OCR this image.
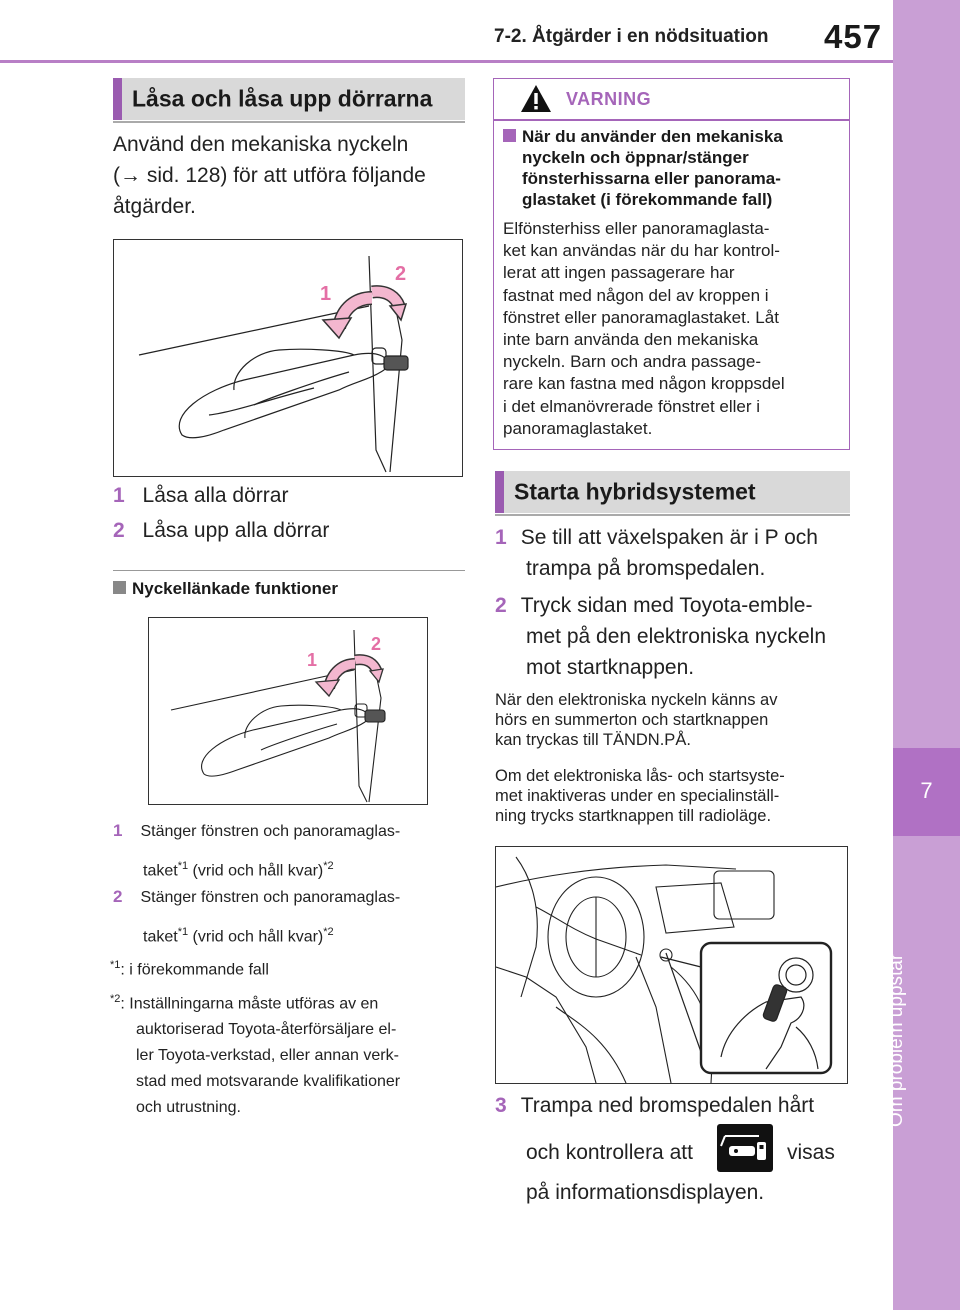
7-2. Åtgärder i en nödsituation 457
7
Om problem uppstår
Låsa och låsa upp dörrarna
Använd den mekaniska nyckeln
(→ sid. 128) för att utföra följande
åtgärder.
1
2
1 Låsa alla dörrar
2 Låsa upp alla dörrar
Nyckellänkade funktioner
1
2
1 Stänger fönstren och panoramaglas-
taket$^{*1}$ (vrid och håll kvar)$^{*2}$
2 Stänger fönstren och panoramaglas-
taket$^{*1}$ (vrid och håll kvar)$^{*2}$
$^{*1}$: i förekommande fall
$^{*2}$: Inställningarna måste utföras av en
auktoriserad Toyota-återförsäljare el-
ler Toyota-verkstad, eller annan verk-
stad med motsvarande kvalifikationer
och utrustning.
VARNING
När du använder den mekaniska
nyckeln och öppnar/stänger
fönsterhissarna eller panorama-
glastaket (i förekommande fall)
Elfönsterhiss eller panoramaglasta-
ket kan användas när du har kontrol-
lerat att ingen passagerare har
fastnat med någon del av kroppen i
fönstret eller panoramaglastaket. Låt
inte barn använda den mekaniska
nyckeln. Barn och andra passage-
rare kan fastna med någon kroppsdel
i det elmanövrerade fönstret eller i
panoramaglastaket.
Starta hybridsystemet
1 Se till att växelspaken är i P och
trampa på bromspedalen.
2 Tryck sidan med Toyota-emble-
met på den elektroniska nyckeln
mot startknappen.
När den elektroniska nyckeln känns av
hörs en summerton och startknappen
kan tryckas till TÄNDN.PÅ.
Om det elektroniska lås- och startsyste-
met inaktiveras under en specialinställ-
ning trycks startknappen till radioläge.
3 Trampa ned bromspedalen hårt
och kontrollera att	visas
på informationsdisplayen.
